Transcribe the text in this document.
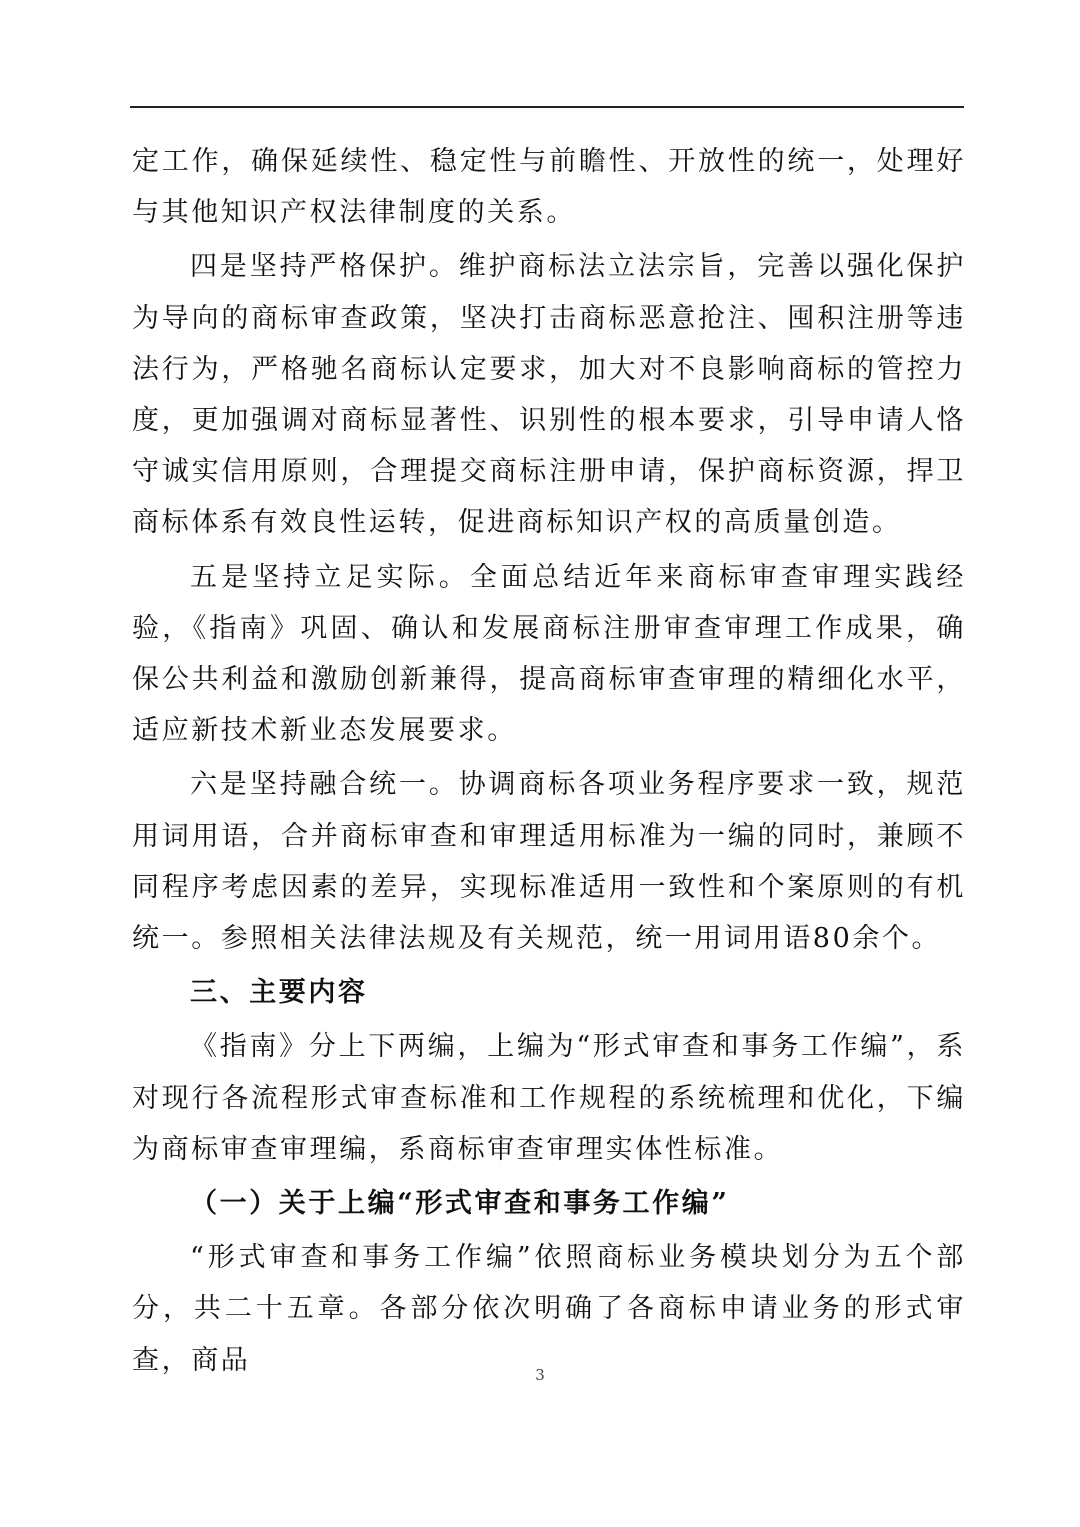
定工作，确保延续性、稳定性与前瞻性、开放性的统一，处理好与其他知识产权法律制度的关系。

四是坚持严格保护。维护商标法立法宗旨，完善以强化保护为导向的商标审查政策，坚决打击商标恶意抢注、囤积注册等违法行为，严格驰名商标认定要求，加大对不良影响商标的管控力度，更加强调对商标显著性、识别性的根本要求，引导申请人恪守诚实信用原则，合理提交商标注册申请，保护商标资源，捍卫商标体系有效良性运转，促进商标知识产权的高质量创造。

五是坚持立足实际。全面总结近年来商标审查审理实践经验，《指南》巩固、确认和发展商标注册审查审理工作成果，确保公共利益和激励创新兼得，提高商标审查审理的精细化水平，适应新技术新业态发展要求。

六是坚持融合统一。协调商标各项业务程序要求一致，规范用词用语，合并商标审查和审理适用标准为一编的同时，兼顾不同程序考虑因素的差异，实现标准适用一致性和个案原则的有机统一。参照相关法律法规及有关规范，统一用词用语80余个。

三、主要内容

《指南》分上下两编，上编为“形式审查和事务工作编”，系对现行各流程形式审查标准和工作规程的系统梳理和优化，下编为商标审查审理编，系商标审查审理实体性标准。

（一）关于上编“形式审查和事务工作编”

“形式审查和事务工作编”依照商标业务模块划分为五个部分，共二十五章。各部分依次明确了各商标申请业务的形式审查，商品	3
